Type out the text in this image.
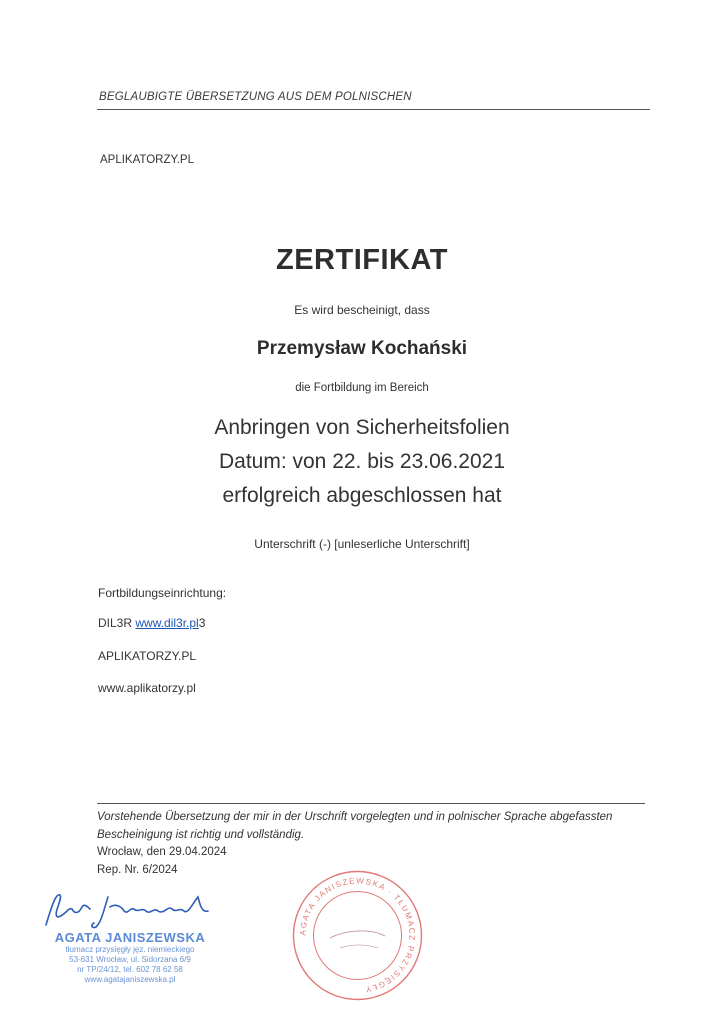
BEGLAUBIGTE ÜBERSETZUNG AUS DEM POLNISCHEN
APLIKATORZY.PL
ZERTIFIKAT
Es wird bescheinigt, dass
Przemysław Kochański
die Fortbildung im Bereich
Anbringen von Sicherheitsfolien
Datum: von 22. bis 23.06.2021
erfolgreich abgeschlossen hat
Unterschrift (-) [unleserliche Unterschrift]
Fortbildungseinrichtung:
DIL3R www.dil3r.pl3
APLIKATORZY.PL
www.aplikatorzy.pl
Vorstehende Übersetzung der mir in der Urschrift vorgelegten und in polnischer Sprache abgefassten Bescheinigung ist richtig und vollständig.
Wrocław, den 29.04.2024
Rep. Nr. 6/2024
AGATA JANISZEWSKA
tłumacz przysięgły jęz. niemieckiego
53-631 Wrocław, ul. Sidorzana 6/9
nr TP/24/12, tel. 602 78 62 58
www.agatajaniszewska.pl
AGATA JANISZEWSKA · TŁUMACZ PRZYSIĘGŁY
